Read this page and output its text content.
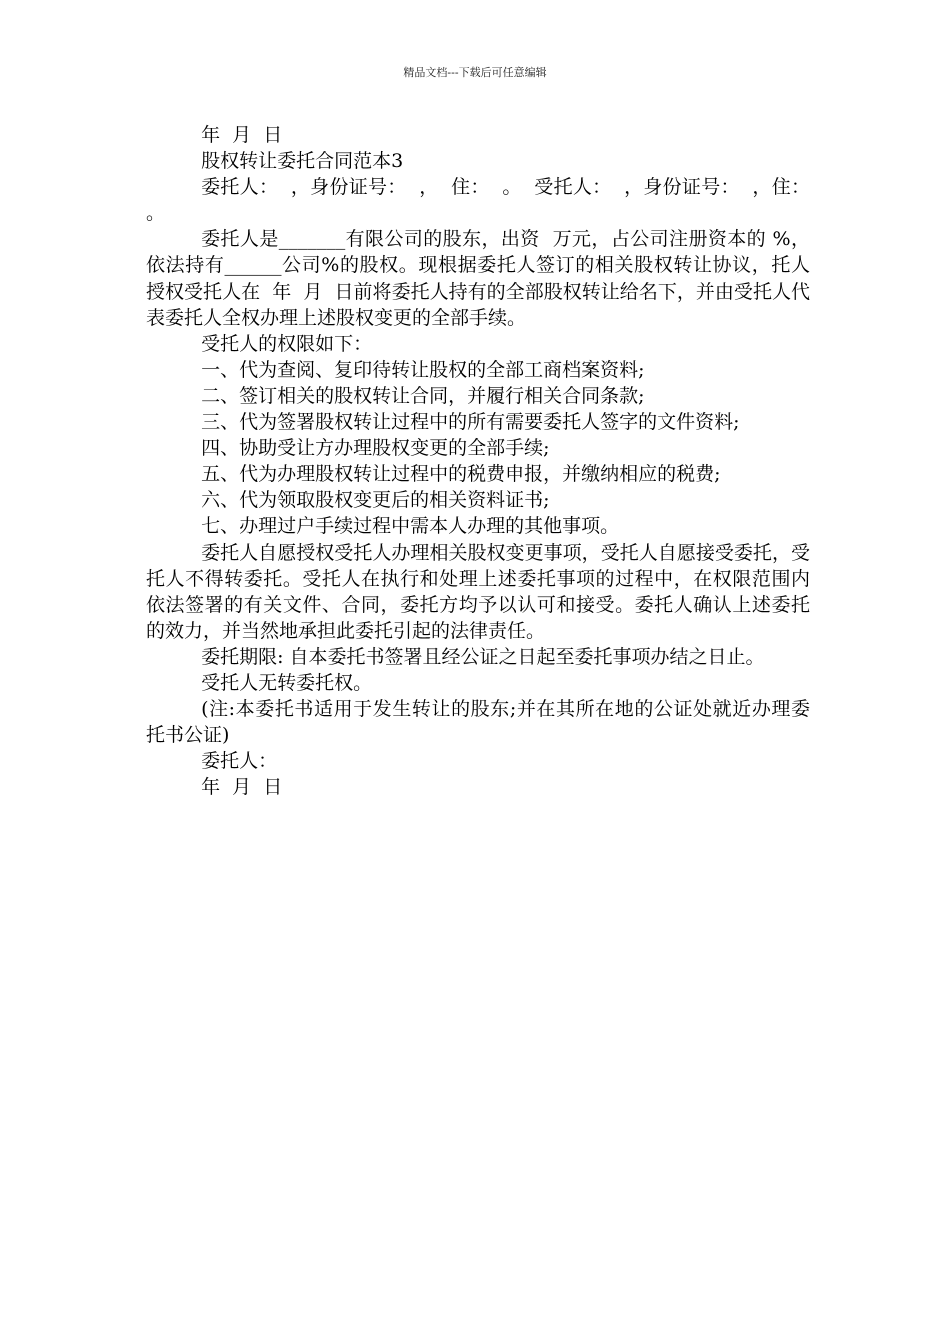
精品文档---下载后可任意编辑

年  月  日

股权转让委托合同范本3

委托人：  ，身份证号：  ，  住：  。  受托人：  ，身份证号：  ，住：  。

委托人是_______有限公司的股东，出资  万元，占公司注册资本的 %，依法持有______公司%的股权。现根据委托人签订的相关股权转让协议，托人授权受托人在  年  月  日前将委托人持有的全部股权转让给名下，并由受托人代表委托人全权办理上述股权变更的全部手续。

受托人的权限如下：

一、代为查阅、复印待转让股权的全部工商档案资料;

二、签订相关的股权转让合同，并履行相关合同条款;

三、代为签署股权转让过程中的所有需要委托人签字的文件资料;

四、协助受让方办理股权变更的全部手续;

五、代为办理股权转让过程中的税费申报，并缴纳相应的税费;

六、代为领取股权变更后的相关资料证书;

七、办理过户手续过程中需本人办理的其他事项。

委托人自愿授权受托人办理相关股权变更事项，受托人自愿接受委托，受托人不得转委托。受托人在执行和处理上述委托事项的过程中，在权限范围内依法签署的有关文件、合同，委托方均予以认可和接受。委托人确认上述委托的效力，并当然地承担此委托引起的法律责任。

委托期限: 自本委托书签署且经公证之日起至委托事项办结之日止。

受托人无转委托权。

(注:本委托书适用于发生转让的股东;并在其所在地的公证处就近办理委托书公证)

委托人：

年  月  日
